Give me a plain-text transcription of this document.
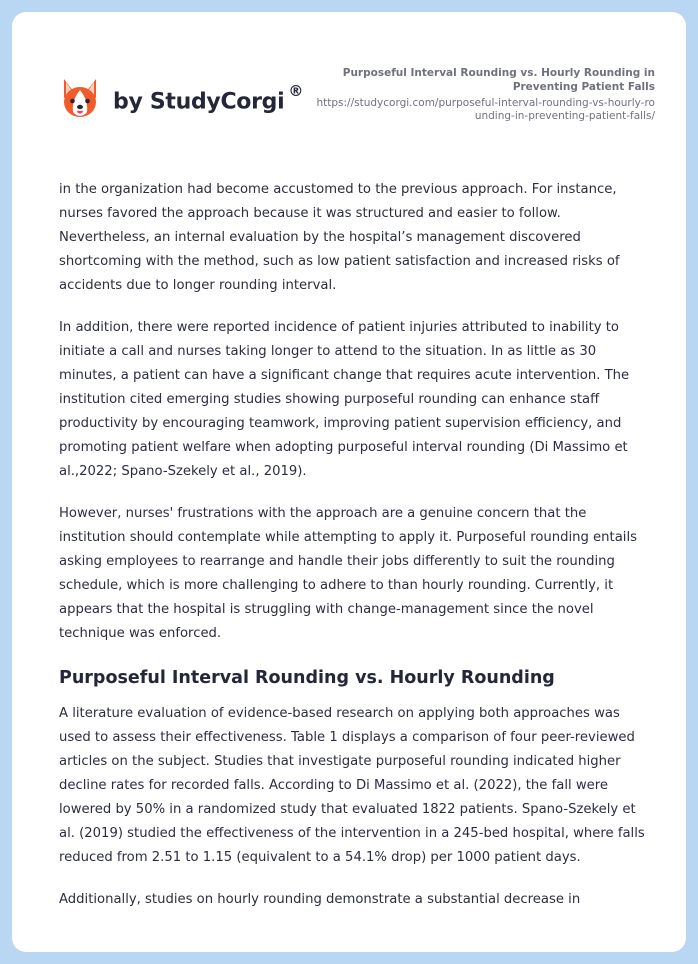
by StudyCorgi ®
Purposeful Interval Rounding vs. Hourly Rounding in Preventing Patient Falls
https://studycorgi.com/purposeful-interval-rounding-vs-hourly-rounding-in-preventing-patient-falls/

in the organization had become accustomed to the previous approach. For instance, nurses favored the approach because it was structured and easier to follow. Nevertheless, an internal evaluation by the hospital’s management discovered shortcoming with the method, such as low patient satisfaction and increased risks of accidents due to longer rounding interval.

In addition, there were reported incidence of patient injuries attributed to inability to initiate a call and nurses taking longer to attend to the situation. In as little as 30 minutes, a patient can have a significant change that requires acute intervention. The institution cited emerging studies showing purposeful rounding can enhance staff productivity by encouraging teamwork, improving patient supervision efficiency, and promoting patient welfare when adopting purposeful interval rounding (Di Massimo et al.,2022; Spano-Szekely et al., 2019).

However, nurses' frustrations with the approach are a genuine concern that the institution should contemplate while attempting to apply it. Purposeful rounding entails asking employees to rearrange and handle their jobs differently to suit the rounding schedule, which is more challenging to adhere to than hourly rounding. Currently, it appears that the hospital is struggling with change-management since the novel technique was enforced.

Purposeful Interval Rounding vs. Hourly Rounding

A literature evaluation of evidence-based research on applying both approaches was used to assess their effectiveness. Table 1 displays a comparison of four peer-reviewed articles on the subject. Studies that investigate purposeful rounding indicated higher decline rates for recorded falls. According to Di Massimo et al. (2022), the fall were lowered by 50% in a randomized study that evaluated 1822 patients. Spano-Szekely et al. (2019) studied the effectiveness of the intervention in a 245-bed hospital, where falls reduced from 2.51 to 1.15 (equivalent to a 54.1% drop) per 1000 patient days.

Additionally, studies on hourly rounding demonstrate a substantial decrease in
